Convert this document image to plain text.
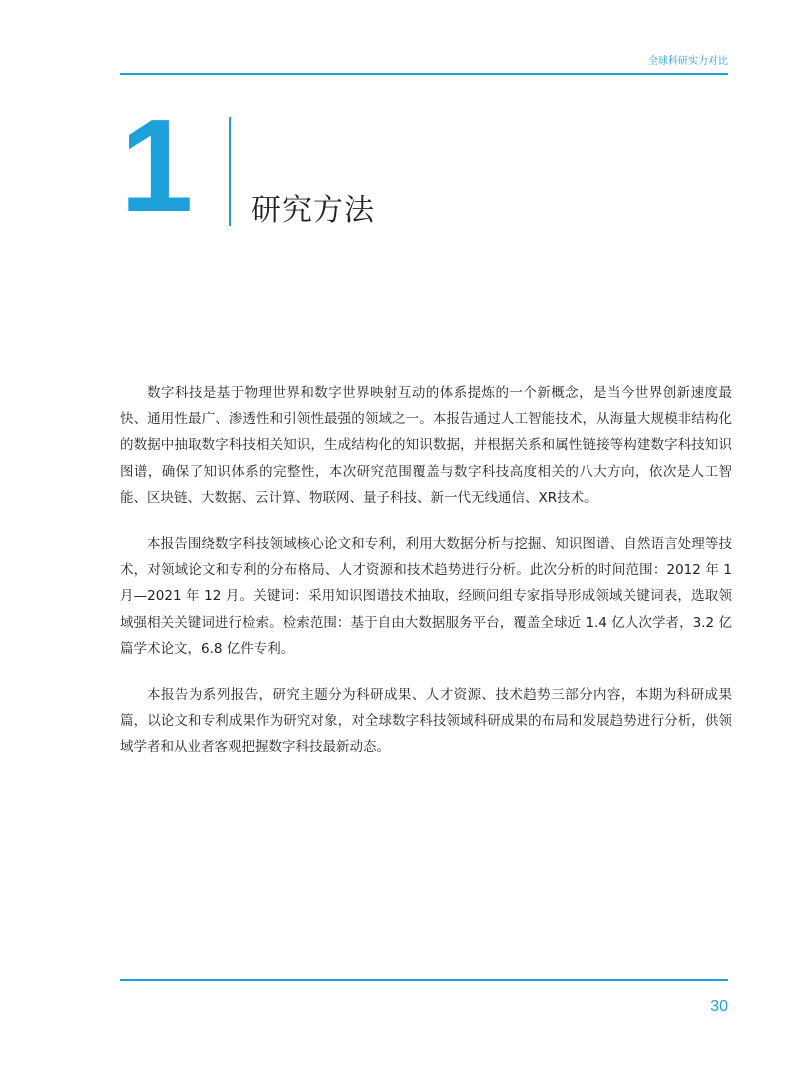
全球科研实力对比
1 研究方法

数字科技是基于物理世界和数字世界映射互动的体系提炼的一个新概念，是当今世界创新速度最快、通用性最广、渗透性和引领性最强的领域之一。本报告通过人工智能技术，从海量大规模非结构化的数据中抽取数字科技相关知识，生成结构化的知识数据，并根据关系和属性链接等构建数字科技知识图谱，确保了知识体系的完整性，本次研究范围覆盖与数字科技高度相关的八大方向，依次是人工智能、区块链、大数据、云计算、物联网、量子科技、新一代无线通信、XR技术。

本报告围绕数字科技领域核心论文和专利，利用大数据分析与挖掘、知识图谱、自然语言处理等技术，对领域论文和专利的分布格局、人才资源和技术趋势进行分析。此次分析的时间范围：2012 年 1 月—2021 年 12 月。关键词：采用知识图谱技术抽取，经顾问组专家指导形成领域关键词表，选取领域强相关关键词进行检索。检索范围：基于自由大数据服务平台，覆盖全球近 1.4 亿人次学者，3.2 亿篇学术论文，6.8 亿件专利。

本报告为系列报告，研究主题分为科研成果、人才资源、技术趋势三部分内容，本期为科研成果篇，以论文和专利成果作为研究对象，对全球数字科技领域科研成果的布局和发展趋势进行分析，供领域学者和从业者客观把握数字科技最新动态。

30
